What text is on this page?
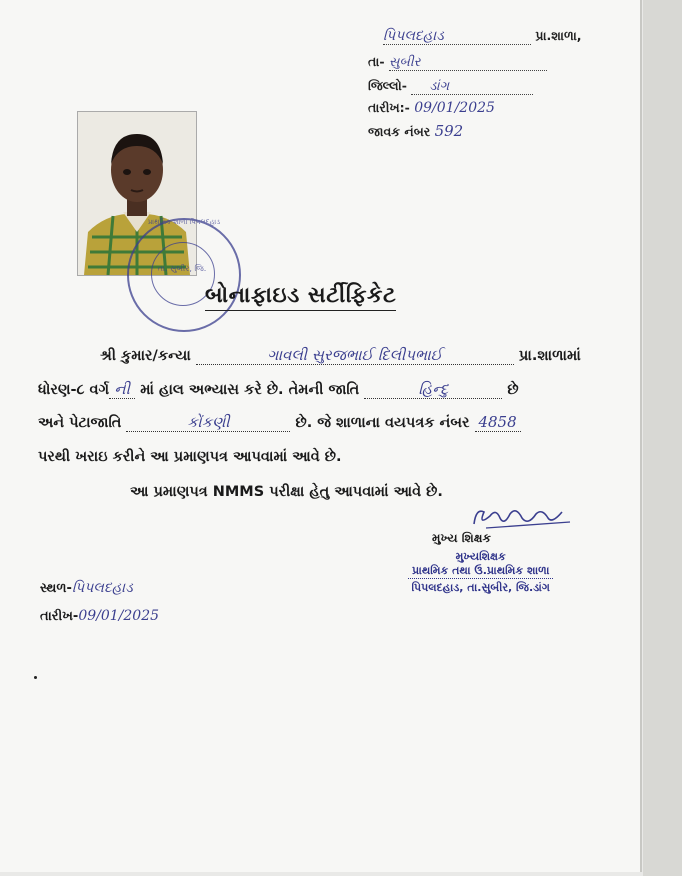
પિપલદહાડ	પ્રા.શાળા,
તા- સુબીર
જિલ્લો- ડાંગ
તારીખ:- 09/01/2025
જાવક નંબર 592
પ્રાથમિક શાળા પિપલદહાડ
તા. સુબીર, જિ.
બોનાફાઇડ સર્ટીફિકેટ
શ્રી કુમાર/કન્યા	ગાવલી સુરજભાઈ દિલીપભાઈ	પ્રા.શાળામાં
ધોરણ-૮ વર્ગ ની માં હાલ અભ્યાસ કરે છે. તેમની જાતિ	હિન્દુ	છે
અને પેટાજાતિ	કોંકણી	છે. જે શાળાના વયપત્રક નંબર 4858
પરથી ખરાઇ કરીને આ પ્રમાણપત્ર આપવામાં આવે છે.
આ પ્રમાણપત્ર NMMS પરીક્ષા હેતુ આપવામાં આવે છે.
મુખ્ય શિક્ષક
મુખ્યશિક્ષક
પ્રાથમિક તથા ઉ.પ્રાથમિક શાળા
પિપલદહાડ, તા.સુબીર, જિ.ડાંગ
સ્થળ-પિપલદહાડ
તારીખ-09/01/2025
